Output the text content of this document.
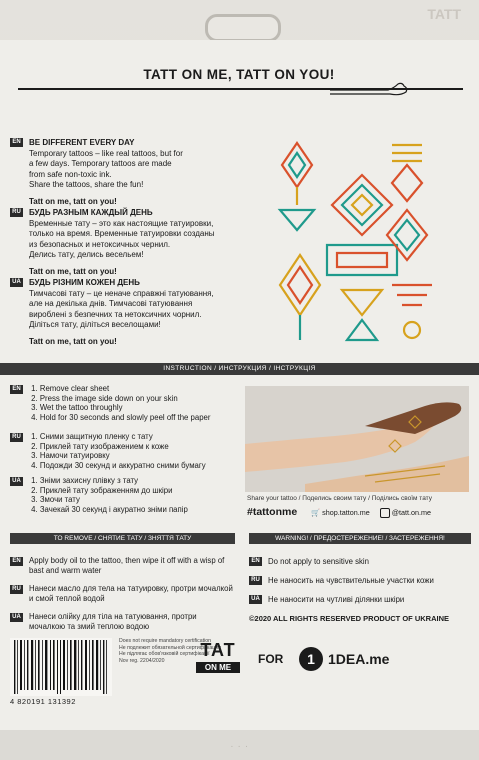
TATT
TATT ON ME, TATT ON YOU!
EN BE DIFFERENT EVERY DAY
Temporary tattoos – like real tattoos, but for
a few days. Temporary tattoos are made
from safe non-toxic ink.
Share the tattoos, share the fun!
Tatt on me, tatt on you!
RU БУДЬ РАЗНЫМ КАЖДЫЙ ДЕНЬ
Временные тату – это как настоящие татуировки,
только на время. Временные татуировки созданы
из безопасных и нетоксичных чернил.
Делись тату, делись весельем!
Tatt on me, tatt on you!
UA БУДЬ РІЗНИМ КОЖЕН ДЕНЬ
Тимчасові тату – це неначе справжні татуювання,
але на декілька днів. Тимчасові татуювання
вироблені з безпечних та нетоксичних чорнил.
Діліться тату, діліться веселощами!
Tatt on me, tatt on you!
INSTRUCTION / ИНСТРУКЦИЯ / ІНСТРУКЦІЯ
EN 1. Remove clear sheet
2. Press the image side down on your skin
3. Wet the tattoo throughly
4. Hold for 30 seconds and slowly peel off the paper
RU 1. Сними защитную пленку с тату
2. Приклей тату изображением к коже
3. Намочи татуировку
4. Подожди 30 секунд и аккуратно сними бумагу
UA 1. Зніми захисну плівку з тату
2. Приклей тату зображенням до шкіри
3. Змочи тату
4. Зачекай 30 секунд і акуратно зніми папір
Share your tattoo / Поделись своим тату / Поділись своїм тату
#tattonme 🛒 shop.tatton.me	@tatt.on.me
TO REMOVE / СНЯТИЕ ТАТУ / ЗНЯТТЯ ТАТУ
EN Apply body oil to the tattoo, then wipe it off with a wisp of bast and warm water
RU Нанеси масло для тела на татуировку, протри мочалкой и смой теплой водой
UA Нанеси олійку для тіла на татуювання, протри мочалкою та змий теплою водою
WARNING! / ПРЕДОСТЕРЕЖЕНИЕ! / ЗАСТЕРЕЖЕННЯ!
EN Do not apply to sensitive skin
RU Не наносить на чувствительные участки кожи
UA Не наносити на чутливі ділянки шкіри
©2020 ALL RIGHTS RESERVED PRODUCT OF UKRAINE
4 820191 131392
Does not require mandatory certification
Не подлежит обязательной сертификации
Не підлягає обов'язковій сертифікації
Nov reg. 2204/2020
TAT
ON ME
FOR 1 1DEA.me
· · ·
